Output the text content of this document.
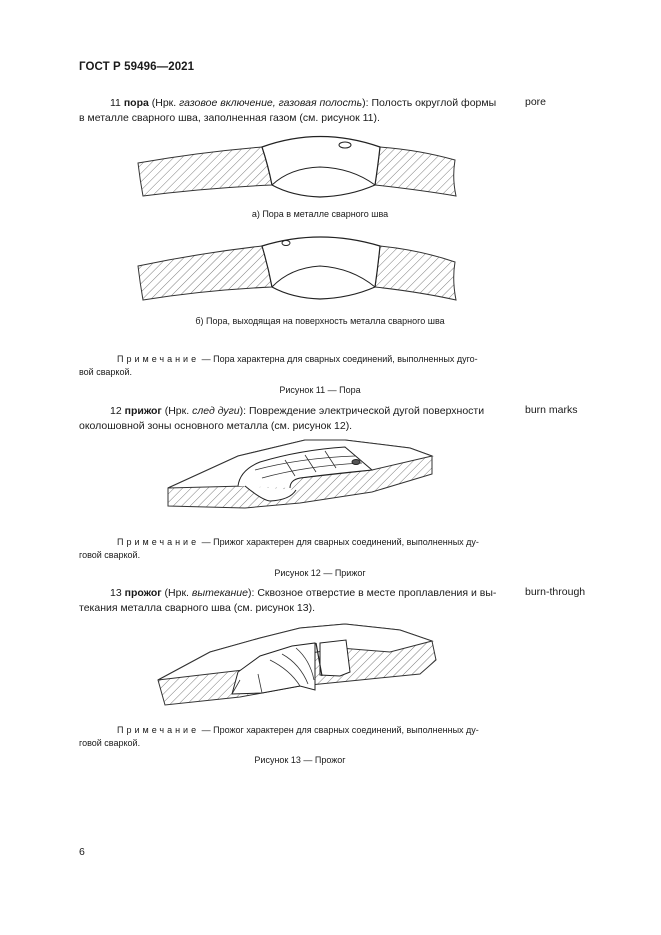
ГОСТ Р 59496—2021

11 пора (Нрк. газовое включение, газовая полость): Полость округлой формы

в металле сварного шва, заполненная газом (см. рисунок 11).

pore
а) Пора в металле сварного шва
б) Пора, выходящая на поверхность металла сварного шва

Примечание — Пора характерна для сварных соединений, выполненных дуго-

вой сваркой.

Рисунок 11 — Пора

12 прижог (Нрк. след дуги): Повреждение электрической дугой поверхности

околошовной зоны основного металла (см. рисунок 12).

burn marks

Примечание — Прижог характерен для сварных соединений, выполненных ду-

говой сваркой.

Рисунок 12 — Прижог

13 прожог (Нрк. вытекание): Сквозное отверстие в месте проплавления и вы-

текания металла сварного шва (см. рисунок 13).

burn-through

Примечание — Прожог характерен для сварных соединений, выполненных ду-

говой сваркой.

Рисунок 13 — Прожог
6
